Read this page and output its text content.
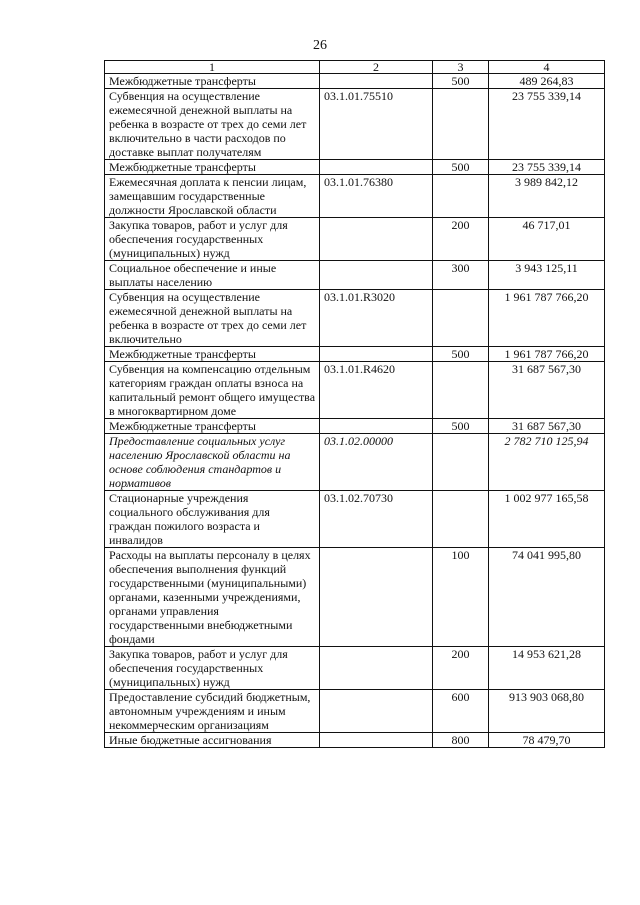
26
1	2	3	4
Межбюджетные трансферты		500	489 264,83
Субвенция на осуществление ежемесячной денежной выплаты на ребенка в возрасте от трех до семи лет включительно в части расходов по доставке выплат получателям	03.1.01.75510		23 755 339,14
Межбюджетные трансферты		500	23 755 339,14
Ежемесячная доплата к пенсии лицам, замещавшим государственные должности Ярославской области	03.1.01.76380		3 989 842,12
Закупка товаров, работ и услуг для обеспечения государственных (муниципальных) нужд		200	46 717,01
Социальное обеспечение и иные выплаты населению		300	3 943 125,11
Субвенция на осуществление ежемесячной денежной выплаты на ребенка в возрасте от трех до семи лет включительно	03.1.01.R3020		1 961 787 766,20
Межбюджетные трансферты		500	1 961 787 766,20
Субвенция на компенсацию отдельным категориям граждан оплаты взноса на капитальный ремонт общего имущества в многоквартирном доме	03.1.01.R4620		31 687 567,30
Межбюджетные трансферты		500	31 687 567,30
Предоставление социальных услуг населению Ярославской области на основе соблюдения стандартов и нормативов	03.1.02.00000		2 782 710 125,94
Стационарные учреждения социального обслуживания для граждан пожилого возраста и инвалидов	03.1.02.70730		1 002 977 165,58
Расходы на выплаты персоналу в целях обеспечения выполнения функций государственными (муниципальными) органами, казенными учреждениями, органами управления государственными внебюджетными фондами		100	74 041 995,80
Закупка товаров, работ и услуг для обеспечения государственных (муниципальных) нужд		200	14 953 621,28
Предоставление субсидий бюджетным, автономным учреждениям и иным некоммерческим организациям		600	913 903 068,80
Иные бюджетные ассигнования		800	78 479,70
